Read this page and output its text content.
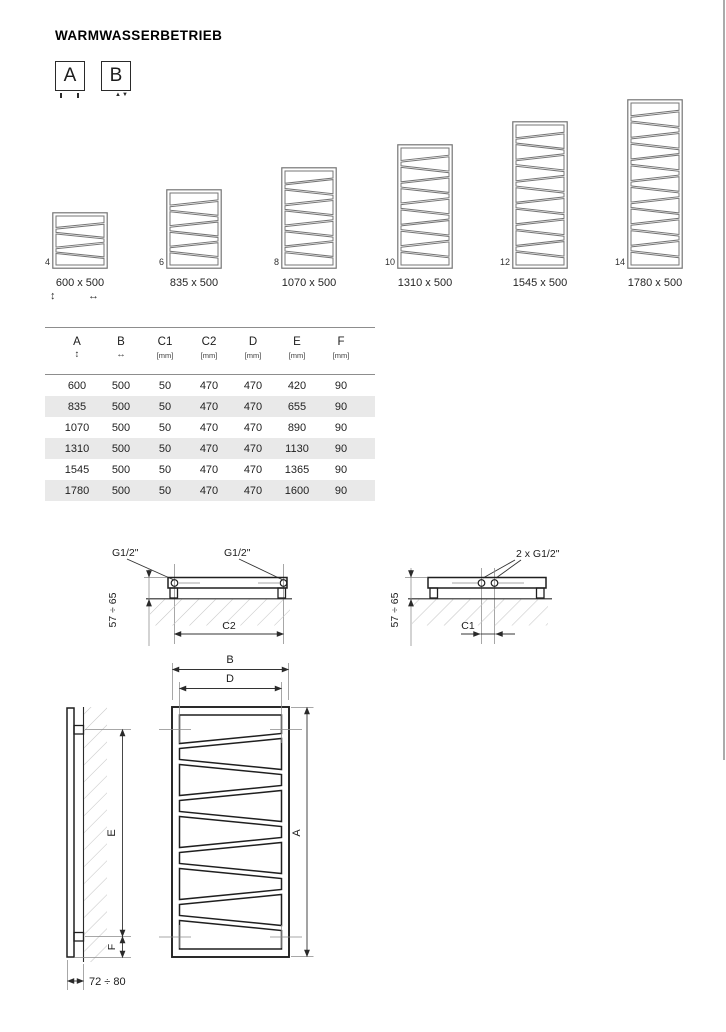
WARMWASSERBETRIEB
A B
▲▼
4
600 x 500
6
835 x 500
8
1070 x 500
10
1310 x 500
12
1545 x 500
14
1780 x 500
↕	↔
A
↕
B
↔
C1
[mm]
C2
[mm]
D
[mm]
E
[mm]
F
[mm]
600	500	50	470	470	420	90
835	500	50	470	470	655	90
1070	500	50	470	470	890	90
1310	500	50	470	470	1130	90
1545	500	50	470	470	1365	90
1780	500	50	470	470	1600	90
G1/2"	G1/2"
57 ÷ 65	C2
2 x G1/2"
57 ÷ 65	C1
E
F
72 ÷ 80
B
D
A
